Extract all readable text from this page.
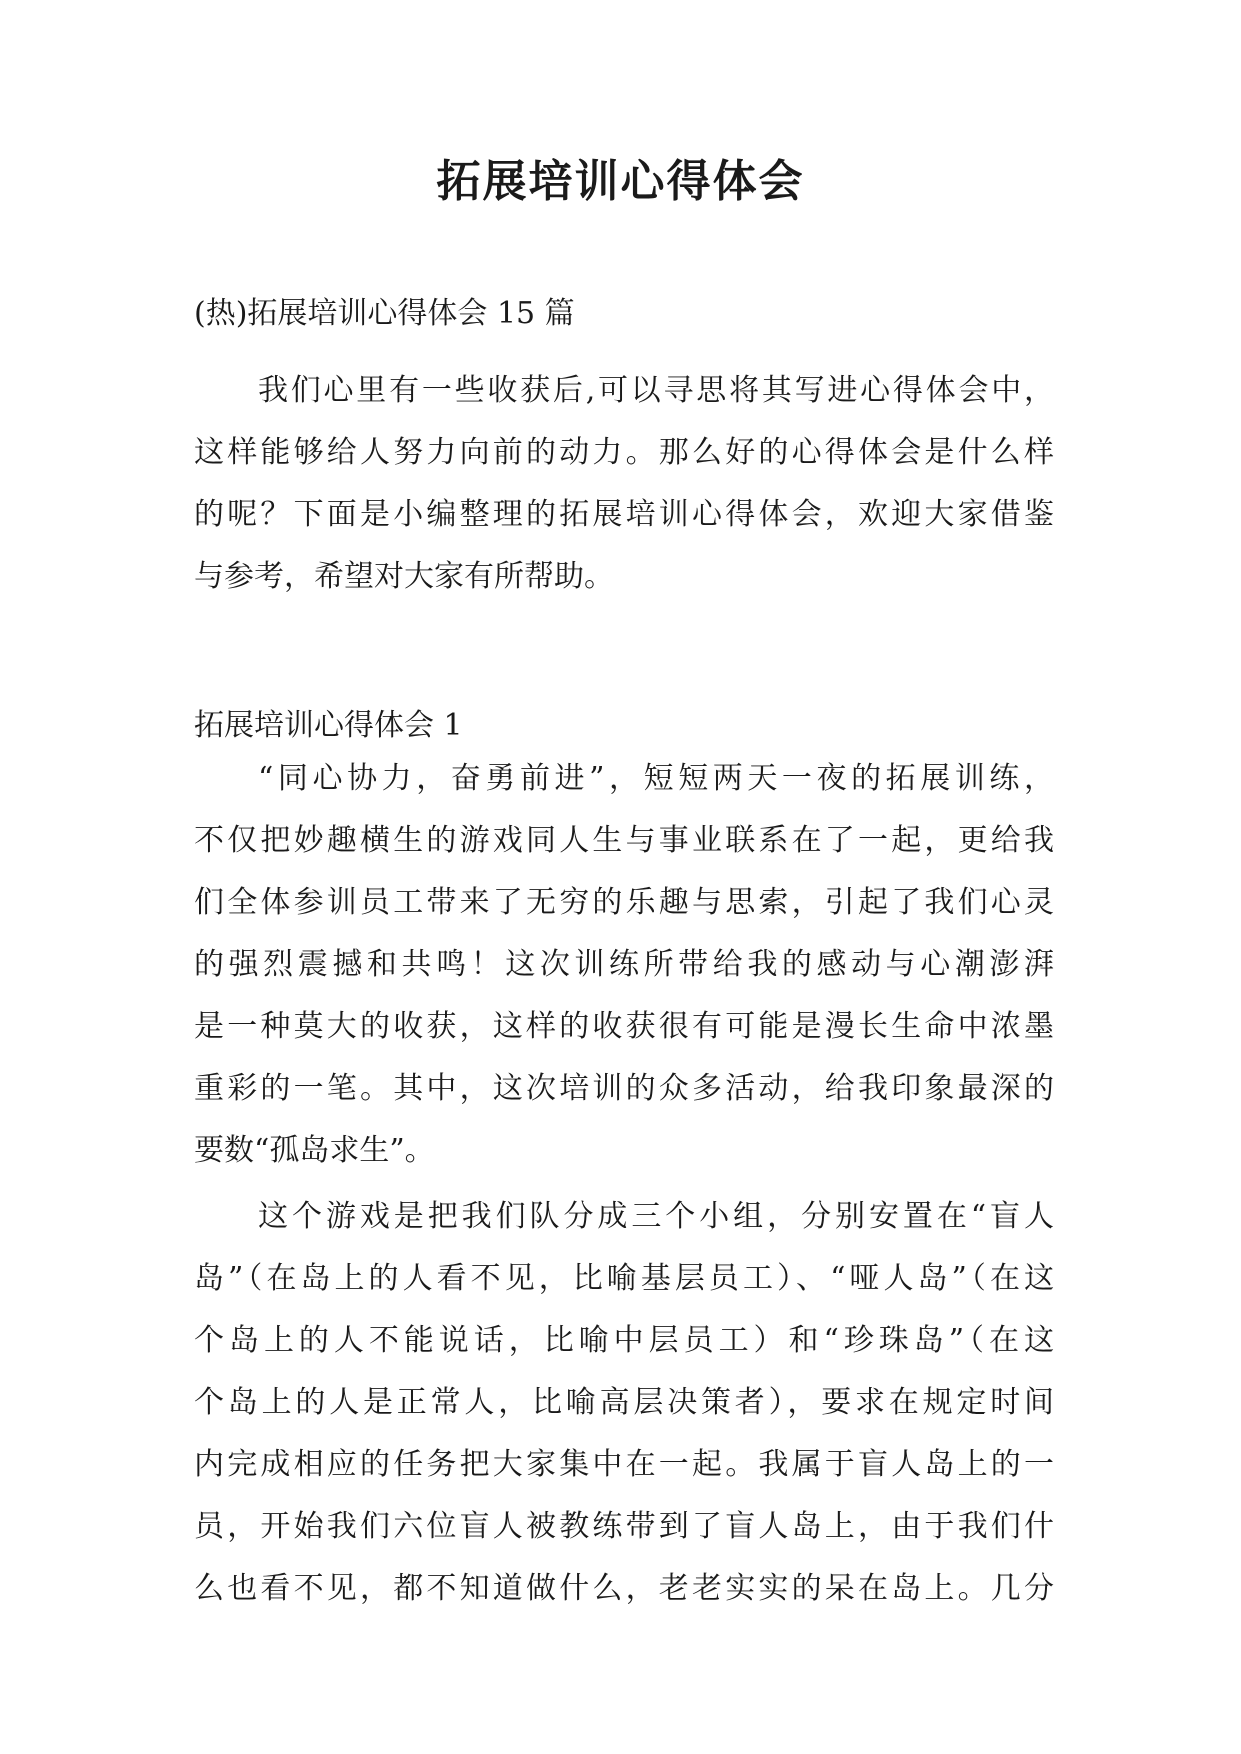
拓展培训心得体会
(热)拓展培训心得体会 15 篇
我们心里有一些收获后,可以寻思将其写进心得体会中，
这样能够给人努力向前的动力。那么好的心得体会是什么样
的呢？下面是小编整理的拓展培训心得体会，欢迎大家借鉴
与参考，希望对大家有所帮助。
拓展培训心得体会 1
“同心协力，奋勇前进”，短短两天一夜的拓展训练，
不仅把妙趣横生的游戏同人生与事业联系在了一起，更给我
们全体参训员工带来了无穷的乐趣与思索，引起了我们心灵
的强烈震撼和共鸣！这次训练所带给我的感动与心潮澎湃
是一种莫大的收获，这样的收获很有可能是漫长生命中浓墨
重彩的一笔。其中，这次培训的众多活动，给我印象最深的
要数“孤岛求生”。
这个游戏是把我们队分成三个小组，分别安置在“盲人
岛”（在岛上的人看不见，比喻基层员工）、“哑人岛”（在这
个岛上的人不能说话，比喻中层员工）和“珍珠岛”（在这
个岛上的人是正常人，比喻高层决策者），要求在规定时间
内完成相应的任务把大家集中在一起。我属于盲人岛上的一
员，开始我们六位盲人被教练带到了盲人岛上，由于我们什
么也看不见，都不知道做什么，老老实实的呆在岛上。几分
